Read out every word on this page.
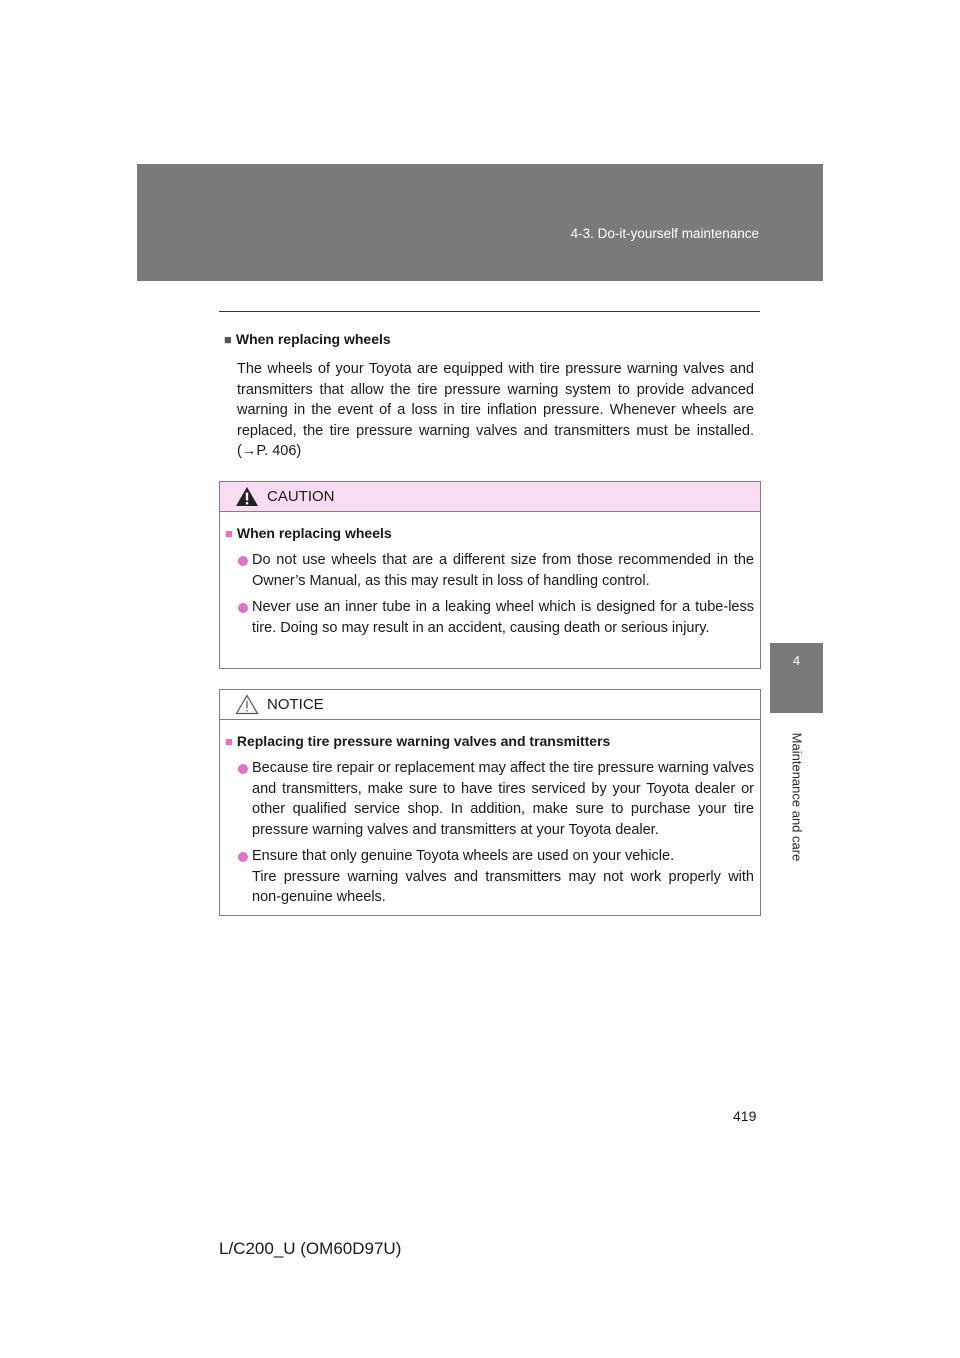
4-3. Do-it-yourself maintenance
4
Maintenance and care
■ When replacing wheels

The wheels of your Toyota are equipped with tire pressure warning valves and transmitters that allow the tire pressure warning system to provide advanced warning in the event of a loss in tire inflation pressure. Whenever wheels are replaced, the tire pressure warning valves and transmitters must be installed. (→P. 406)

CAUTION
■ When replacing wheels

Do not use wheels that are a different size from those recommended in the Owner’s Manual, as this may result in loss of handling control.

Never use an inner tube in a leaking wheel which is designed for a tube-less tire. Doing so may result in an accident, causing death or serious injury.

NOTICE
■ Replacing tire pressure warning valves and transmitters

Because tire repair or replacement may affect the tire pressure warning valves and transmitters, make sure to have tires serviced by your Toyota dealer or other qualified service shop. In addition, make sure to purchase your tire pressure warning valves and transmitters at your Toyota dealer.

Ensure that only genuine Toyota wheels are used on your vehicle.

Tire pressure warning valves and transmitters may not work properly with non-genuine wheels.

419
L/C200_U (OM60D97U)
